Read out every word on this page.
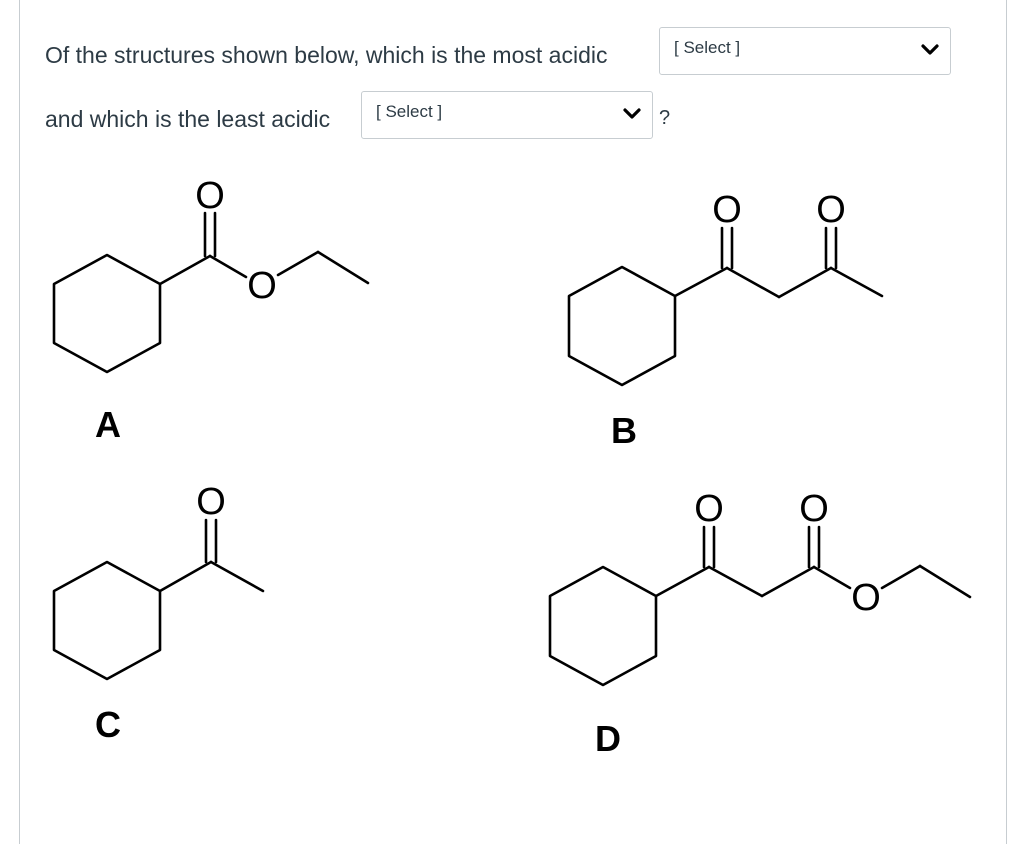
Of the structures shown below, which is the most acidic	[ Select ]
and which is the least acidic	[ Select ]	?
O
O
O O
O	O O
O
A	B
C	D
